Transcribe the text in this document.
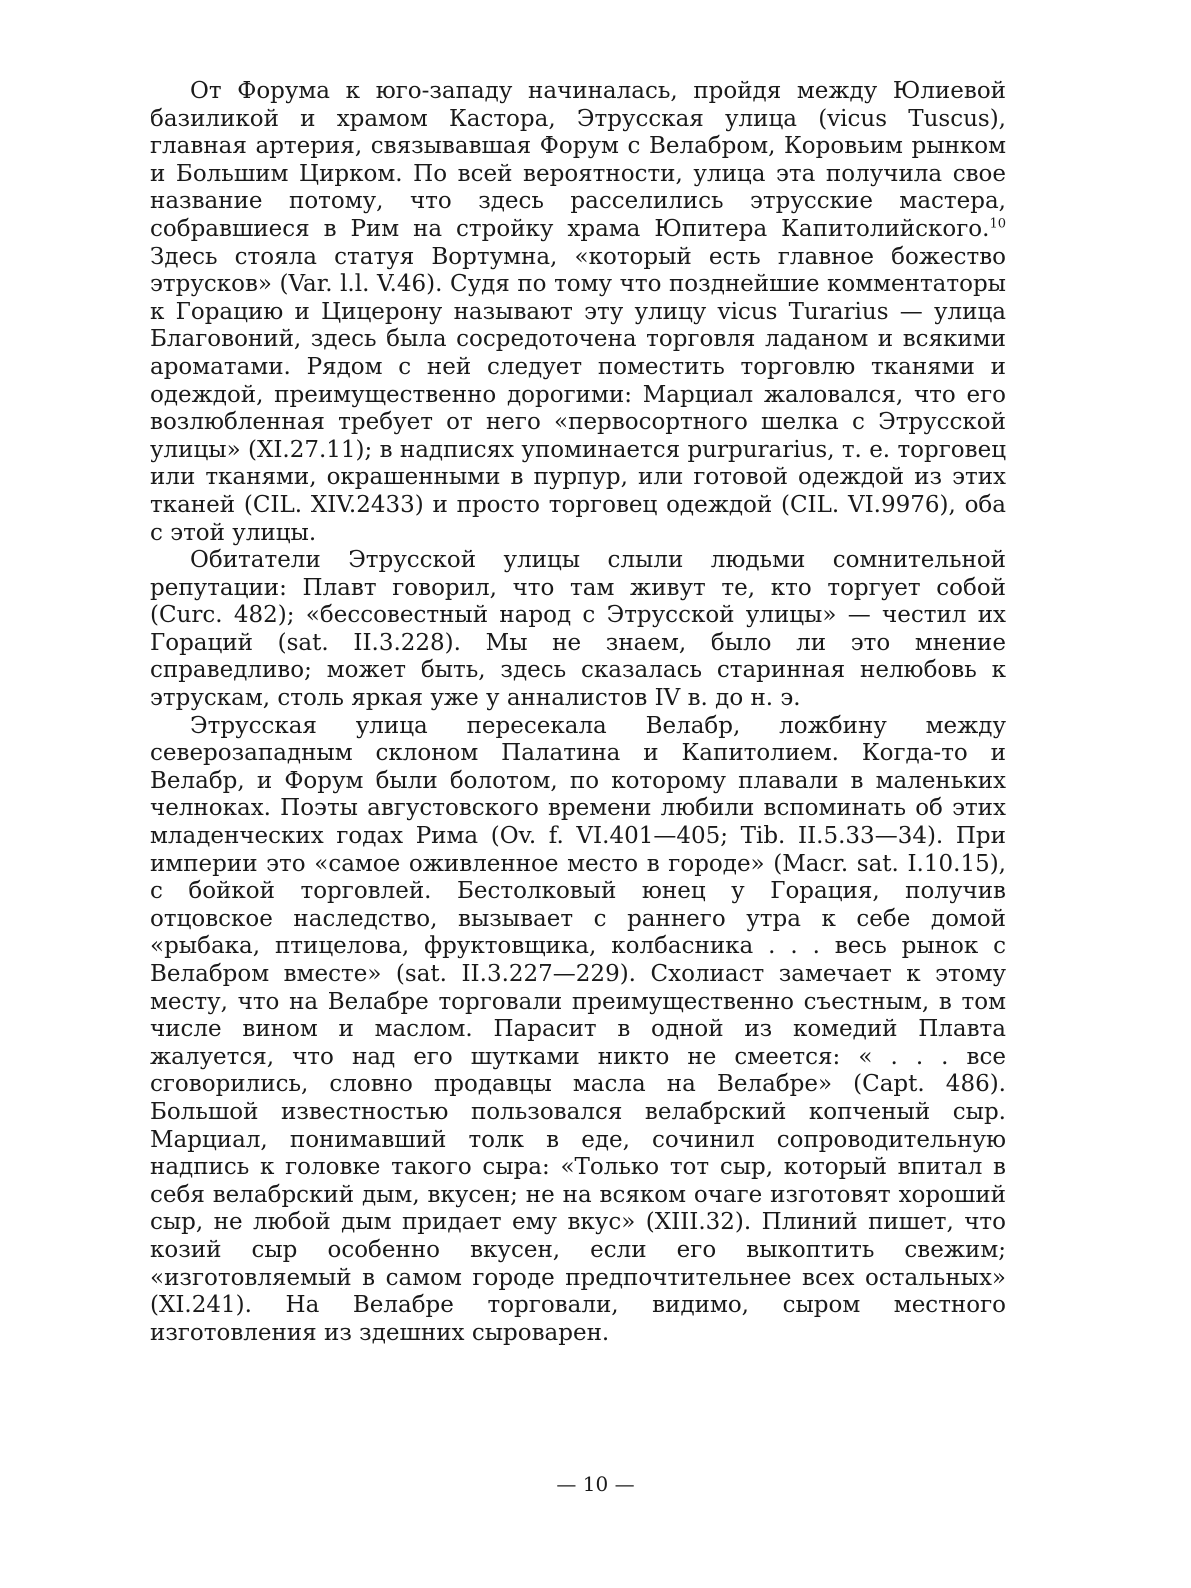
От Форума к юго-западу начиналась, пройдя между Юлиевой базиликой и храмом Кастора, Этрусская улица (vicus Tuscus), главная артерия, связывавшая Форум с Велабром, Коровьим рынком и Большим Цирком. По всей вероятности, улица эта получила свое название потому, что здесь расселились этрусские мастера, собравшиеся в Рим на стройку храма Юпитера Капитолийского.$^{10}$ Здесь стояла статуя Вортумна, «который есть главное божество этрусков» (Var. l.l. V.46). Судя по тому что позднейшие комментаторы к Горацию и Цицерону называют эту улицу vicus Turarius — улица Благовоний, здесь была сосредоточена торговля ладаном и всякими ароматами. Рядом с ней следует поместить торговлю тканями и одеждой, преимущественно дорогими: Марциал жаловался, что его возлюбленная требует от него «первосортного шелка с Этрусской улицы» (XI.27.11); в надписях упоминается purpurarius, т. е. торговец или тканями, окрашенными в пурпур, или готовой одеждой из этих тканей (CIL. XIV.2433) и просто торговец одеждой (CIL. VI.9976), оба с этой улицы.

Обитатели Этрусской улицы слыли людьми сомнительной репутации: Плавт говорил, что там живут те, кто торгует собой (Curc. 482); «бессовестный народ с Этрусской улицы» — честил их Гораций (sat. II.3.228). Мы не знаем, было ли это мнение справедливо; может быть, здесь сказалась старинная нелюбовь к этрускам, столь яркая уже у анналистов IV в. до н. э.

Этрусская улица пересекала Велабр, ложбину между северозападным склоном Палатина и Капитолием. Когда-то и Велабр, и Форум были болотом, по которому плавали в маленьких челноках. Поэты августовского времени любили вспоминать об этих младенческих годах Рима (Ov. f. VI.401—405; Tib. II.5.33—34). При империи это «самое оживленное место в городе» (Macr. sat. I.10.15), с бойкой торговлей. Бестолковый юнец у Горация, получив отцовское наследство, вызывает с раннего утра к себе домой «рыбака, птицелова, фруктовщика, колбасника . . . весь рынок с Велабром вместе» (sat. II.3.227—229). Схолиаст замечает к этому месту, что на Велабре торговали преимущественно съестным, в том числе вином и маслом. Парасит в одной из комедий Плавта жалуется, что над его шутками никто не смеется: « . . . все сговорились, словно продавцы масла на Велабре» (Capt. 486). Большой известностью пользовался велабрский копченый сыр. Марциал, понимавший толк в еде, сочинил сопроводительную надпись к головке такого сыра: «Только тот сыр, который впитал в себя велабрский дым, вкусен; не на всяком очаге изготовят хороший сыр, не любой дым придает ему вкус» (XIII.32). Плиний пишет, что козий сыр особенно вкусен, если его выкоптить свежим; «изготовляемый в самом городе предпочтительнее всех остальных» (XI.241). На Велабре торговали, видимо, сыром местного изготовления из здешних сыроварен.

— 10 —
